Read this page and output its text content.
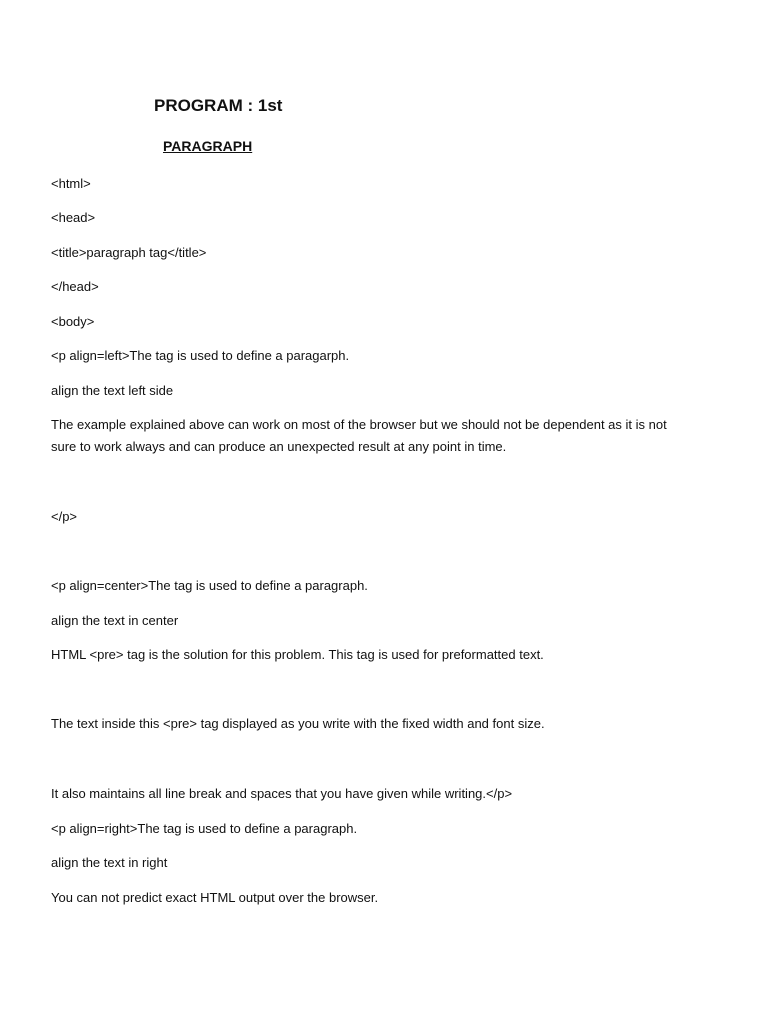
PROGRAM : 1st
PARAGRAPH
<html>
<head>
<title>paragraph tag</title>
</head>
<body>
<p align=left>The tag is used to define a paragarph.
align the text left side
The example explained above can work on most of the browser but we should not be dependent as it is not sure to work always and can produce an unexpected result at any point in time.
</p>
<p align=center>The tag is used to define a paragraph.
align the text in center
HTML <pre> tag is the solution for this problem. This tag is used for preformatted text.
The text inside this <pre> tag displayed as you write with the fixed width and font size.
It also maintains all line break and spaces that you have given while writing.</p>
<p align=right>The tag is used to define a paragraph.
align the text in right
You can not predict exact HTML output over the browser.
